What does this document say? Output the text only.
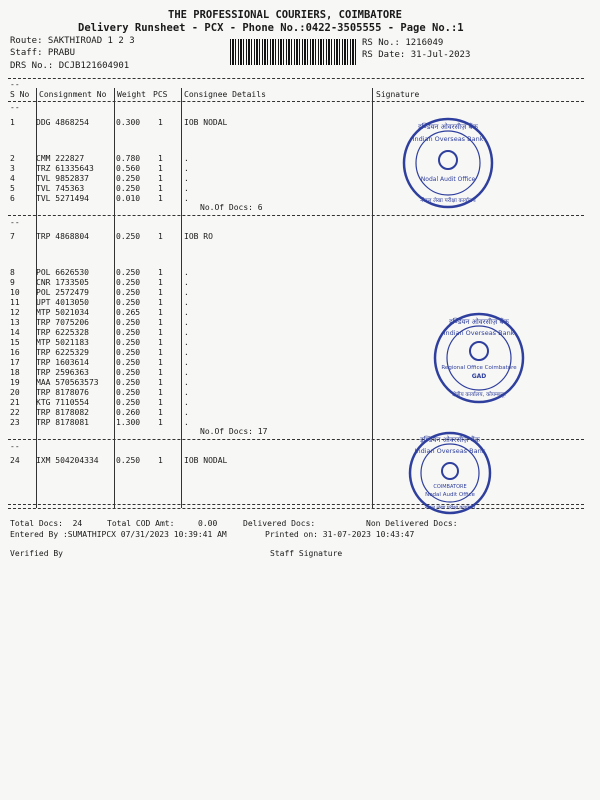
THE PROFESSIONAL COURIERS, COIMBATORE
Delivery Runsheet - PCX - Phone No.:0422-3505555 - Page No.:1
Route: SAKTHIROAD 1 2 3
Staff: PRABU
DRS No.: DCJB121604901
RS No.: 1216049
RS Date: 31-Jul-2023
--
S No Consignment No Weight PCS Consignee Details	Signature
--
1	DDG 4868254	0.300 1	IOB NODAL
2	CMM 222827	0.780 1	.
3	TRZ 61335643	0.560 1	.
4	TVL 9852837	0.250 1	.
5	TVL 745363	0.250 1	.
6	TVL 5271494	0.010 1	.
7	TRP 4868804	0.250 1	IOB RO
8	POL 6626530	0.250 1	.
9	CNR 1733505	0.250 1	.
10 POL 2572479	0.250 1	.
11 UPT 4013050	0.250 1	.
12 MTP 5021034	0.265 1	.
13 TRP 7075206	0.250 1	.
14 TRP 6225328	0.250 1	.
15 MTP 5021183	0.250 1	.
16 TRP 6225329	0.250 1	.
17 TRP 1603614	0.250 1	.
18 TRP 2596363	0.250 1	.
19 MAA 570563573 0.250 1	.
20 TRP 8178076	0.250 1	.
21 KTG 7110554	0.250 1	.
22 TRP 8178082	0.260 1	.
23 TRP 8178081	1.300 1	.
24 IXM 504204334 0.250 1	IOB NODAL
No.Of Docs: 6
--
No.Of Docs: 17
--
Total Docs:  24	Total COD Amt:	0.00	Delivered Docs:	Non Delivered Docs:
Entered By :SUMATHIPCX 07/31/2023 10:39:41 AM	Printed on: 31-07-2023 10:43:47
Verified By	Staff Signature
इण्डियन ओवरसीज़ बैंक
Indian Overseas Bank
Nodal Audit Office
नोडल लेखा परीक्षा कार्यालय
इण्डियन ओवरसीज़ बैंक
Indian Overseas Bank
Regional Office Coimbatore
GAD
क्षेत्रीय कार्यालय, कोयम्बत्तूर
इण्डियन ओवरसीज़ बैंक
Indian Overseas Bank
COIMBATORE
Nodal Audit Office
नोडल लेखा परीक्षा कार्यालय
